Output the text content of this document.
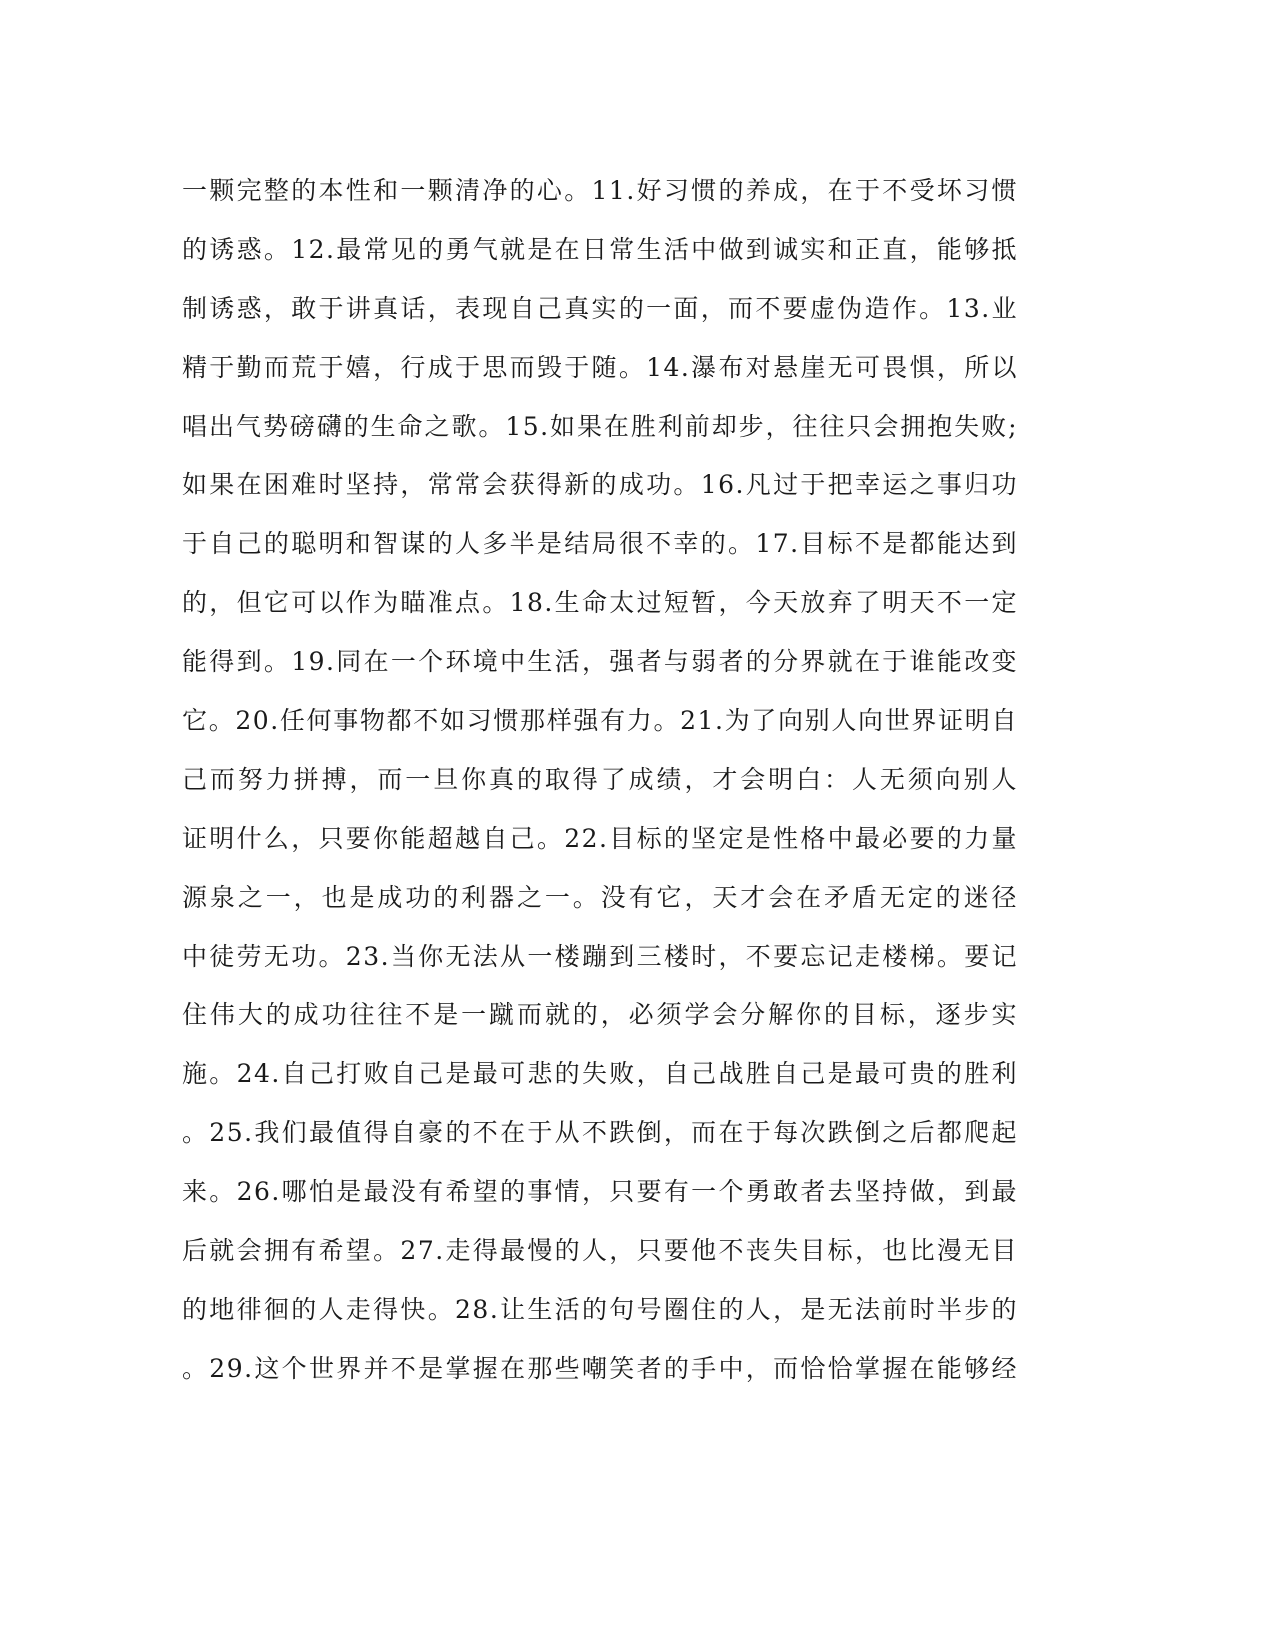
一颗完整的本性和一颗清净的心。11.好习惯的养成，在于不受坏习惯
的诱惑。12.最常见的勇气就是在日常生活中做到诚实和正直，能够抵
制诱惑，敢于讲真话，表现自己真实的一面，而不要虚伪造作。13.业
精于勤而荒于嬉，行成于思而毁于随。14.瀑布对悬崖无可畏惧，所以
唱出气势磅礴的生命之歌。15.如果在胜利前却步，往往只会拥抱失败;
如果在困难时坚持，常常会获得新的成功。16.凡过于把幸运之事归功
于自己的聪明和智谋的人多半是结局很不幸的。17.目标不是都能达到
的，但它可以作为瞄准点。18.生命太过短暂，今天放弃了明天不一定
能得到。19.同在一个环境中生活，强者与弱者的分界就在于谁能改变
它。20.任何事物都不如习惯那样强有力。21.为了向别人向世界证明自
己而努力拼搏，而一旦你真的取得了成绩，才会明白：人无须向别人
证明什么，只要你能超越自己。22.目标的坚定是性格中最必要的力量
源泉之一，也是成功的利器之一。没有它，天才会在矛盾无定的迷径
中徒劳无功。23.当你无法从一楼蹦到三楼时，不要忘记走楼梯。要记
住伟大的成功往往不是一蹴而就的，必须学会分解你的目标，逐步实
施。24.自己打败自己是最可悲的失败，自己战胜自己是最可贵的胜利
。25.我们最值得自豪的不在于从不跌倒，而在于每次跌倒之后都爬起
来。26.哪怕是最没有希望的事情，只要有一个勇敢者去坚持做，到最
后就会拥有希望。27.走得最慢的人，只要他不丧失目标，也比漫无目
的地徘徊的人走得快。28.让生活的句号圈住的人，是无法前时半步的
。29.这个世界并不是掌握在那些嘲笑者的手中，而恰恰掌握在能够经
